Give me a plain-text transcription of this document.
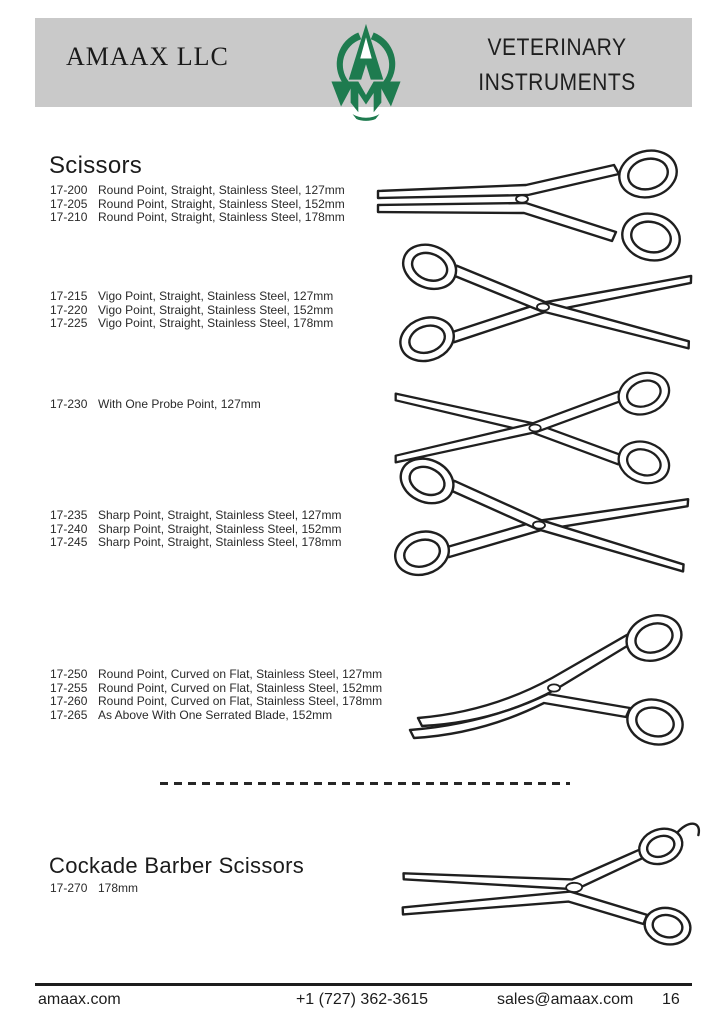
AMAAX LLC	VETERINARY
INSTRUMENTS
Scissors
17-200 Round Point, Straight, Stainless Steel, 127mm
17-205 Round Point, Straight, Stainless Steel, 152mm
17-210 Round Point, Straight, Stainless Steel, 178mm
17-215 Vigo Point, Straight, Stainless Steel, 127mm
17-220 Vigo Point, Straight, Stainless Steel, 152mm
17-225 Vigo Point, Straight, Stainless Steel, 178mm
17-230 With One Probe Point, 127mm
17-235 Sharp Point, Straight, Stainless Steel, 127mm
17-240 Sharp Point, Straight, Stainless Steel, 152mm
17-245 Sharp Point, Straight, Stainless Steel, 178mm
17-250 Round Point, Curved on Flat, Stainless Steel, 127mm
17-255 Round Point, Curved on Flat, Stainless Steel, 152mm
17-260 Round Point, Curved on Flat, Stainless Steel, 178mm
17-265 As Above With One Serrated Blade, 152mm
Cockade Barber Scissors
17-270 178mm
amaax.com	+1 (727) 362-3615	sales@amaax.com 16
